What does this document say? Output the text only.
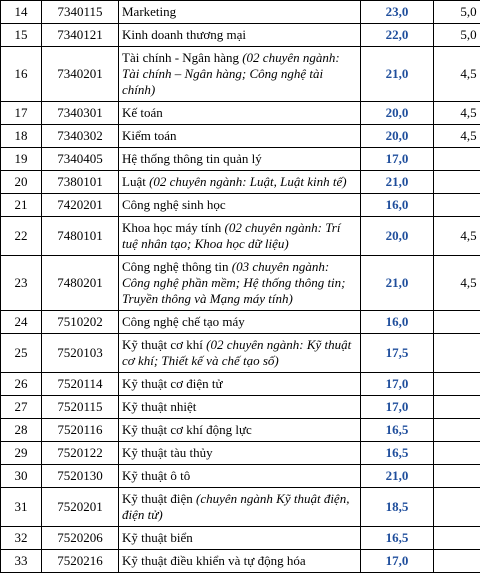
14	7340115	Marketing	23,0	5,0
15	7340121	Kinh doanh thương mại	22,0	5,0
16	7340201	Tài chính - Ngân hàng (02 chuyên ngành: Tài chính – Ngân hàng; Công nghệ tài chính)	21,0	4,5
17	7340301	Kế toán	20,0	4,5
18	7340302	Kiểm toán	20,0	4,5
19	7340405	Hệ thống thông tin quản lý	17,0	
20	7380101	Luật (02 chuyên ngành: Luật, Luật kinh tế)	21,0	
21	7420201	Công nghệ sinh học	16,0	
22	7480101	Khoa học máy tính (02 chuyên ngành: Trí tuệ nhân tạo; Khoa học dữ liệu)	20,0	4,5
23	7480201	Công nghệ thông tin (03 chuyên ngành: Công nghệ phần mềm; Hệ thống thông tin; Truyền thông và Mạng máy tính)	21,0	4,5
24	7510202	Công nghệ chế tạo máy	16,0	
25	7520103	Kỹ thuật cơ khí (02 chuyên ngành: Kỹ thuật cơ khí; Thiết kế và chế tạo số)	17,5	
26	7520114	Kỹ thuật cơ điện tử	17,0	
27	7520115	Kỹ thuật nhiệt	17,0	
28	7520116	Kỹ thuật cơ khí động lực	16,5	
29	7520122	Kỹ thuật tàu thủy	16,5	
30	7520130	Kỹ thuật ô tô	21,0	
31	7520201	Kỹ thuật điện (chuyên ngành Kỹ thuật điện, điện tử)	18,5	
32	7520206	Kỹ thuật biển	16,5	
33	7520216	Kỹ thuật điều khiển và tự động hóa	17,0	
